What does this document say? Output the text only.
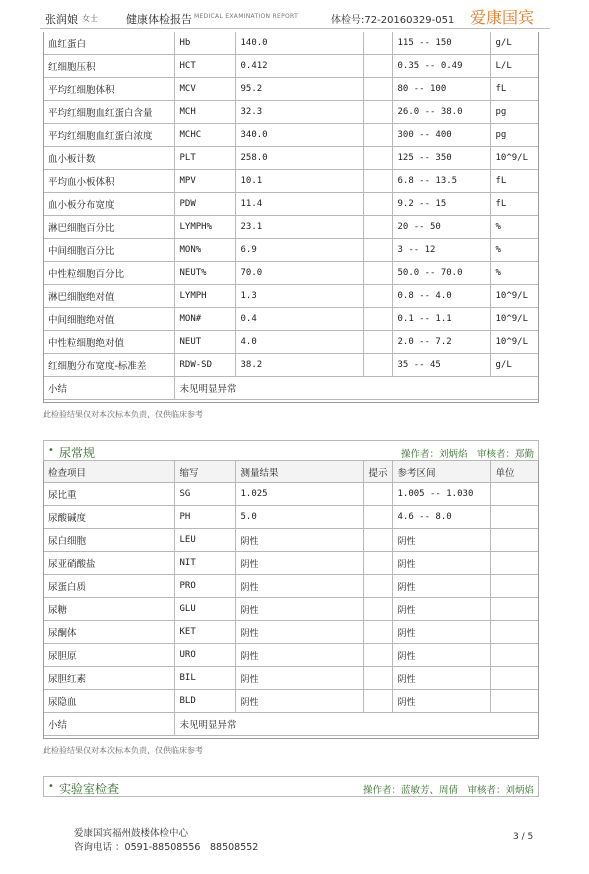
张润娘 女士	健康体检报告 MEDICAL EXAMINATION REPORT	体检号:72-20160329-051 爱康国宾
血红蛋白	Hb	140.0		115 -- 150	g/L
红细胞压积	HCT	0.412		0.35 -- 0.49	L/L
平均红细胞体积	MCV	95.2		80 -- 100	fL
平均红细胞血红蛋白含量	MCH	32.3		26.0 -- 38.0	pg
平均红细胞血红蛋白浓度	MCHC	340.0		300 -- 400	pg
血小板计数	PLT	258.0		125 -- 350	10^9/L
平均血小板体积	MPV	10.1		6.8 -- 13.5	fL
血小板分布宽度	PDW	11.4		9.2 -- 15	fL
淋巴细胞百分比	LYMPH%	23.1		20 -- 50	%
中间细胞百分比	MON%	6.9		3 -- 12	%
中性粒细胞百分比	NEUT%	70.0		50.0 -- 70.0	%
淋巴细胞绝对值	LYMPH	1.3		0.8 -- 4.0	10^9/L
中间细胞绝对值	MON#	0.4		0.1 -- 1.1	10^9/L
中性粒细胞绝对值	NEUT	4.0		2.0 -- 7.2	10^9/L
红细胞分布宽度-标准差	RDW-SD	38.2		35 -- 45	g/L
小结	未见明显异常				
此检验结果仅对本次标本负责，仅供临床参考
• 尿常规	操作者：刘炳焰　审核者：郑勤
检查项目	缩写	测量结果	提示	参考区间	单位
尿比重	SG	1.025		1.005 -- 1.030	
尿酸碱度	PH	5.0		4.6 -- 8.0	
尿白细胞	LEU	阴性		阴性	
尿亚硝酸盐	NIT	阴性		阴性	
尿蛋白质	PRO	阴性		阴性	
尿糖	GLU	阴性		阴性	
尿酮体	KET	阴性		阴性	
尿胆原	URO	阴性		阴性	
尿胆红素	BIL	阴性		阴性	
尿隐血	BLD	阴性		阴性	
小结	未见明显异常				
此检验结果仅对本次标本负责，仅供临床参考
• 实验室检查	操作者：蓝敏芳、周倩　审核者：刘炳焰
爱康国宾福州鼓楼体检中心
咨询电话 ：0591-88508556　88508552
3 / 5
